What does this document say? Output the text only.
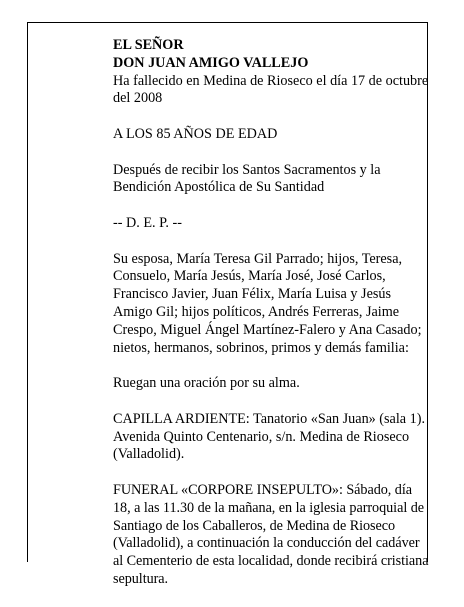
EL SEÑOR
DON JUAN AMIGO VALLEJO
Ha fallecido en Medina de Rioseco el día 17 de octubre del 2008

A LOS 85 AÑOS DE EDAD

Después de recibir los Santos Sacramentos y la Bendición Apostólica de Su Santidad

-- D. E. P. --

Su esposa, María Teresa Gil Parrado; hijos, Teresa, Consuelo, María Jesús, María José, José Carlos, Francisco Javier, Juan Félix, María Luisa y Jesús Amigo Gil; hijos políticos, Andrés Ferreras, Jaime Crespo, Miguel Ángel Martínez-Falero y Ana Casado; nietos, hermanos, sobrinos, primos y demás familia:

Ruegan una oración por su alma.

CAPILLA ARDIENTE: Tanatorio «San Juan» (sala 1). Avenida Quinto Centenario, s/n. Medina de Rioseco (Valladolid).

FUNERAL «CORPORE INSEPULTO»: Sábado, día 18, a las 11.30 de la mañana, en la iglesia parroquial de Santiago de los Caballeros, de Medina de Rioseco (Valladolid), a continuación la conducción del cadáver al Cementerio de esta localidad, donde recibirá cristiana sepultura.
